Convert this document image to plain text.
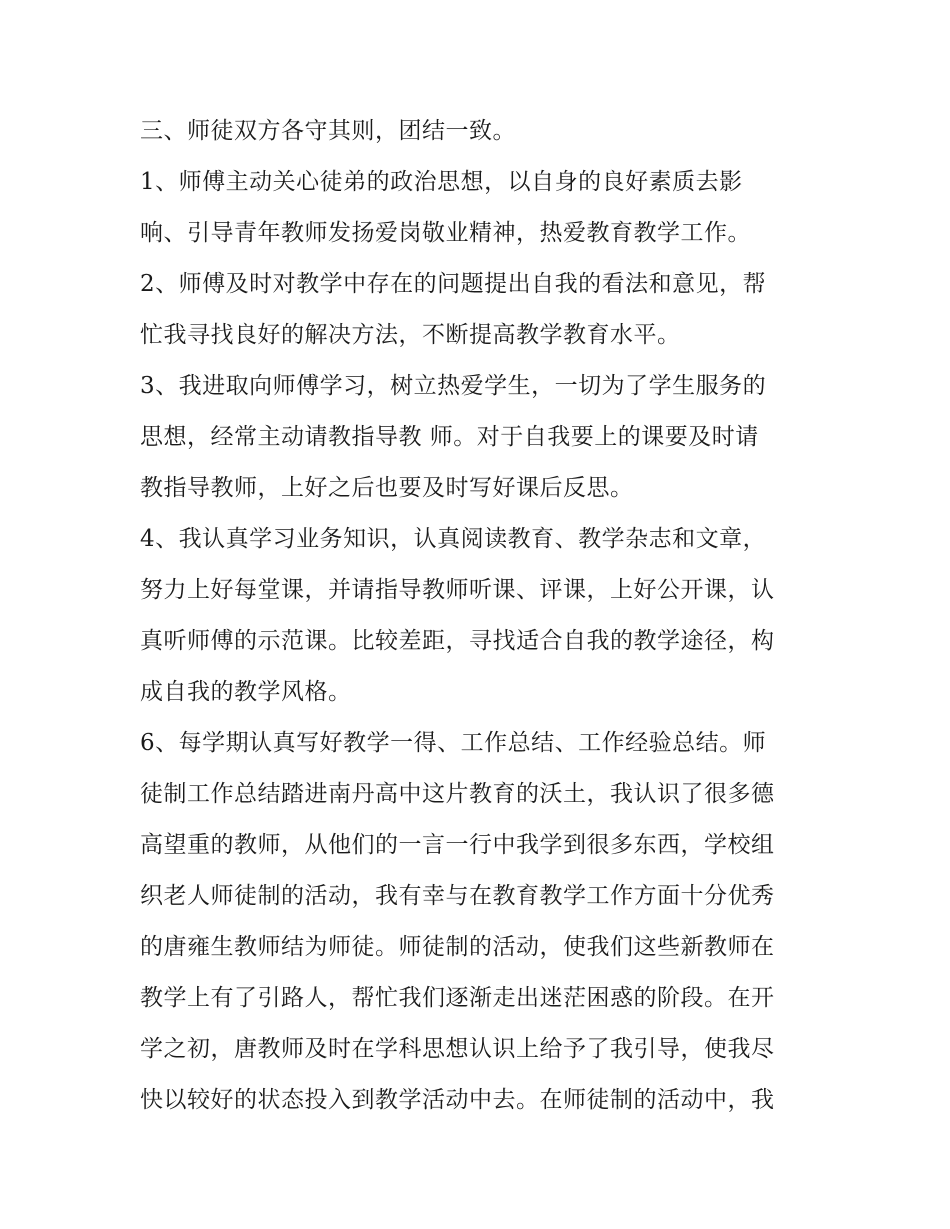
三、师徒双方各守其则，团结一致。
1、师傅主动关心徒弟的政治思想，以自身的良好素质去影
响、引导青年教师发扬爱岗敬业精神，热爱教育教学工作。
2、师傅及时对教学中存在的问题提出自我的看法和意见，帮
忙我寻找良好的解决方法，不断提高教学教育水平。
3、我进取向师傅学习，树立热爱学生，一切为了学生服务的
思想，经常主动请教指导教 师。对于自我要上的课要及时请
教指导教师，上好之后也要及时写好课后反思。
4、我认真学习业务知识，认真阅读教育、教学杂志和文章，
努力上好每堂课，并请指导教师听课、评课，上好公开课，认
真听师傅的示范课。比较差距，寻找适合自我的教学途径，构
成自我的教学风格。
6、每学期认真写好教学一得、工作总结、工作经验总结。师
徒制工作总结踏进南丹高中这片教育的沃土，我认识了很多德
高望重的教师，从他们的一言一行中我学到很多东西，学校组
织老人师徒制的活动，我有幸与在教育教学工作方面十分优秀
的唐雍生教师结为师徒。师徒制的活动，使我们这些新教师在
教学上有了引路人，帮忙我们逐渐走出迷茫困惑的阶段。在开
学之初，唐教师及时在学科思想认识上给予了我引导，使我尽
快以较好的状态投入到教学活动中去。在师徒制的活动中，我
